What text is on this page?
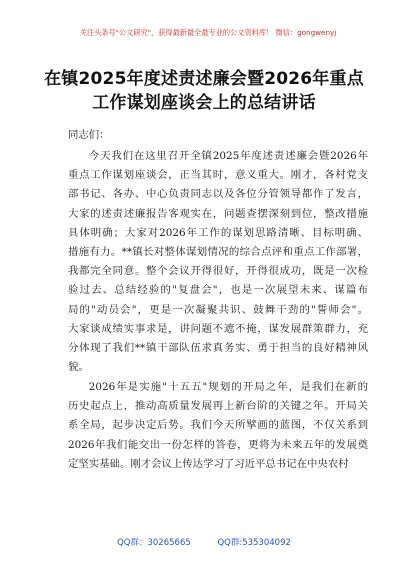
关注头条号"公文研究"，获得最新最全最专业的公文资料库！ 微信：gongwenyj
在镇2025年度述责述廉会暨2026年重点
工作谋划座谈会上的总结讲话
同志们：

今天我们在这里召开全镇2025年度述责述廉会暨2026年

重点工作谋划座谈会，正当其时，意义重大。刚才，各村党支

部书记、各办、中心负责同志以及各位分管领导都作了发言，

大家的述责述廉报告客观实在，问题查摆深刻到位，整改措施

具体明确；大家对2026年工作的谋划思路清晰、目标明确、

措施有力。**镇长对整体谋划情况的综合点评和重点工作部署，

我都完全同意。整个会议开得很好，开得很成功，既是一次检

验过去、总结经验的"复盘会"，也是一次展望未来、谋篇布

局的"动员会"，更是一次凝聚共识、鼓舞干劲的"誓师会"。

大家谈成绩实事求是，讲问题不遮不掩，谋发展群策群力，充

分体现了我们**镇干部队伍求真务实、勇于担当的良好精神风

貌。

2026年是实施"十五五"规划的开局之年，是我们在新的

历史起点上，推动高质量发展再上新台阶的关键之年。开局关

系全局，起步决定后势。我们今天所擘画的蓝图，不仅关系到

2026年我们能交出一份怎样的答卷，更将为未来五年的发展奠

定坚实基础。刚才会议上传达学习了习近平总书记在中央农村

QQ群：30265665	QQ群:535304092
